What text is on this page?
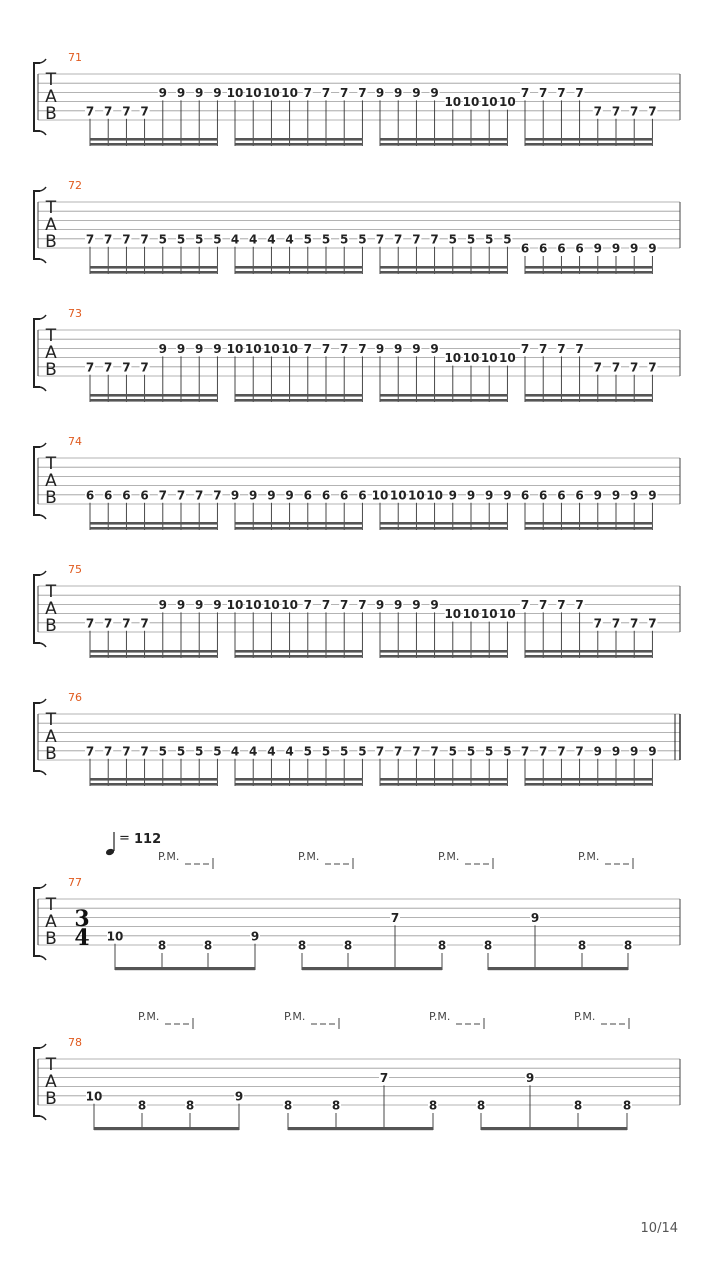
T
A
B
71
7 7 7 7
9 9 9 9 10 10 10 10 7 7 7 7 9 9 9 9
10 10 10 10
7 7 7 7
7 7 7 7
T
A
B
72
7 7 7 7 5 5 5 5 4 4 4 4 5 5 5 5 7 7 7 7 5 5 5 5
6 6 6 6 9 9 9 9
T
A
B
73
7 7 7 7
9 9 9 9 10 10 10 10 7 7 7 7 9 9 9 9
10 10 10 10
7 7 7 7
7 7 7 7
T
A
B
74
6 6 6 6 7 7 7 7 9 9 9 9 6 6 6 6 10 10 10 10 9 9 9 9 6 6 6 6 9 9 9 9
T
A
B
75
7 7 7 7
9 9 9 9 10 10 10 10 7 7 7 7 9 9 9 9
10 10 10 10
7 7 7 7
7 7 7 7
T
A
B
76
7 7 7 7 5 5 5 5 4 4 4 4 5 5 5 5 7 7 7 7 5 5 5 5 7 7 7 7 9 9 9 9
= 112
T
A
B
77
P.M.	P.M.	P.M.	P.M.
3
4 10
8	8
9
8	8
7
8	8
9
8	8
T
A
B
78
P.M.	P.M.	P.M.	P.M.
10
8	8
9
8	8
7
8	8
9
8	8
10/14
